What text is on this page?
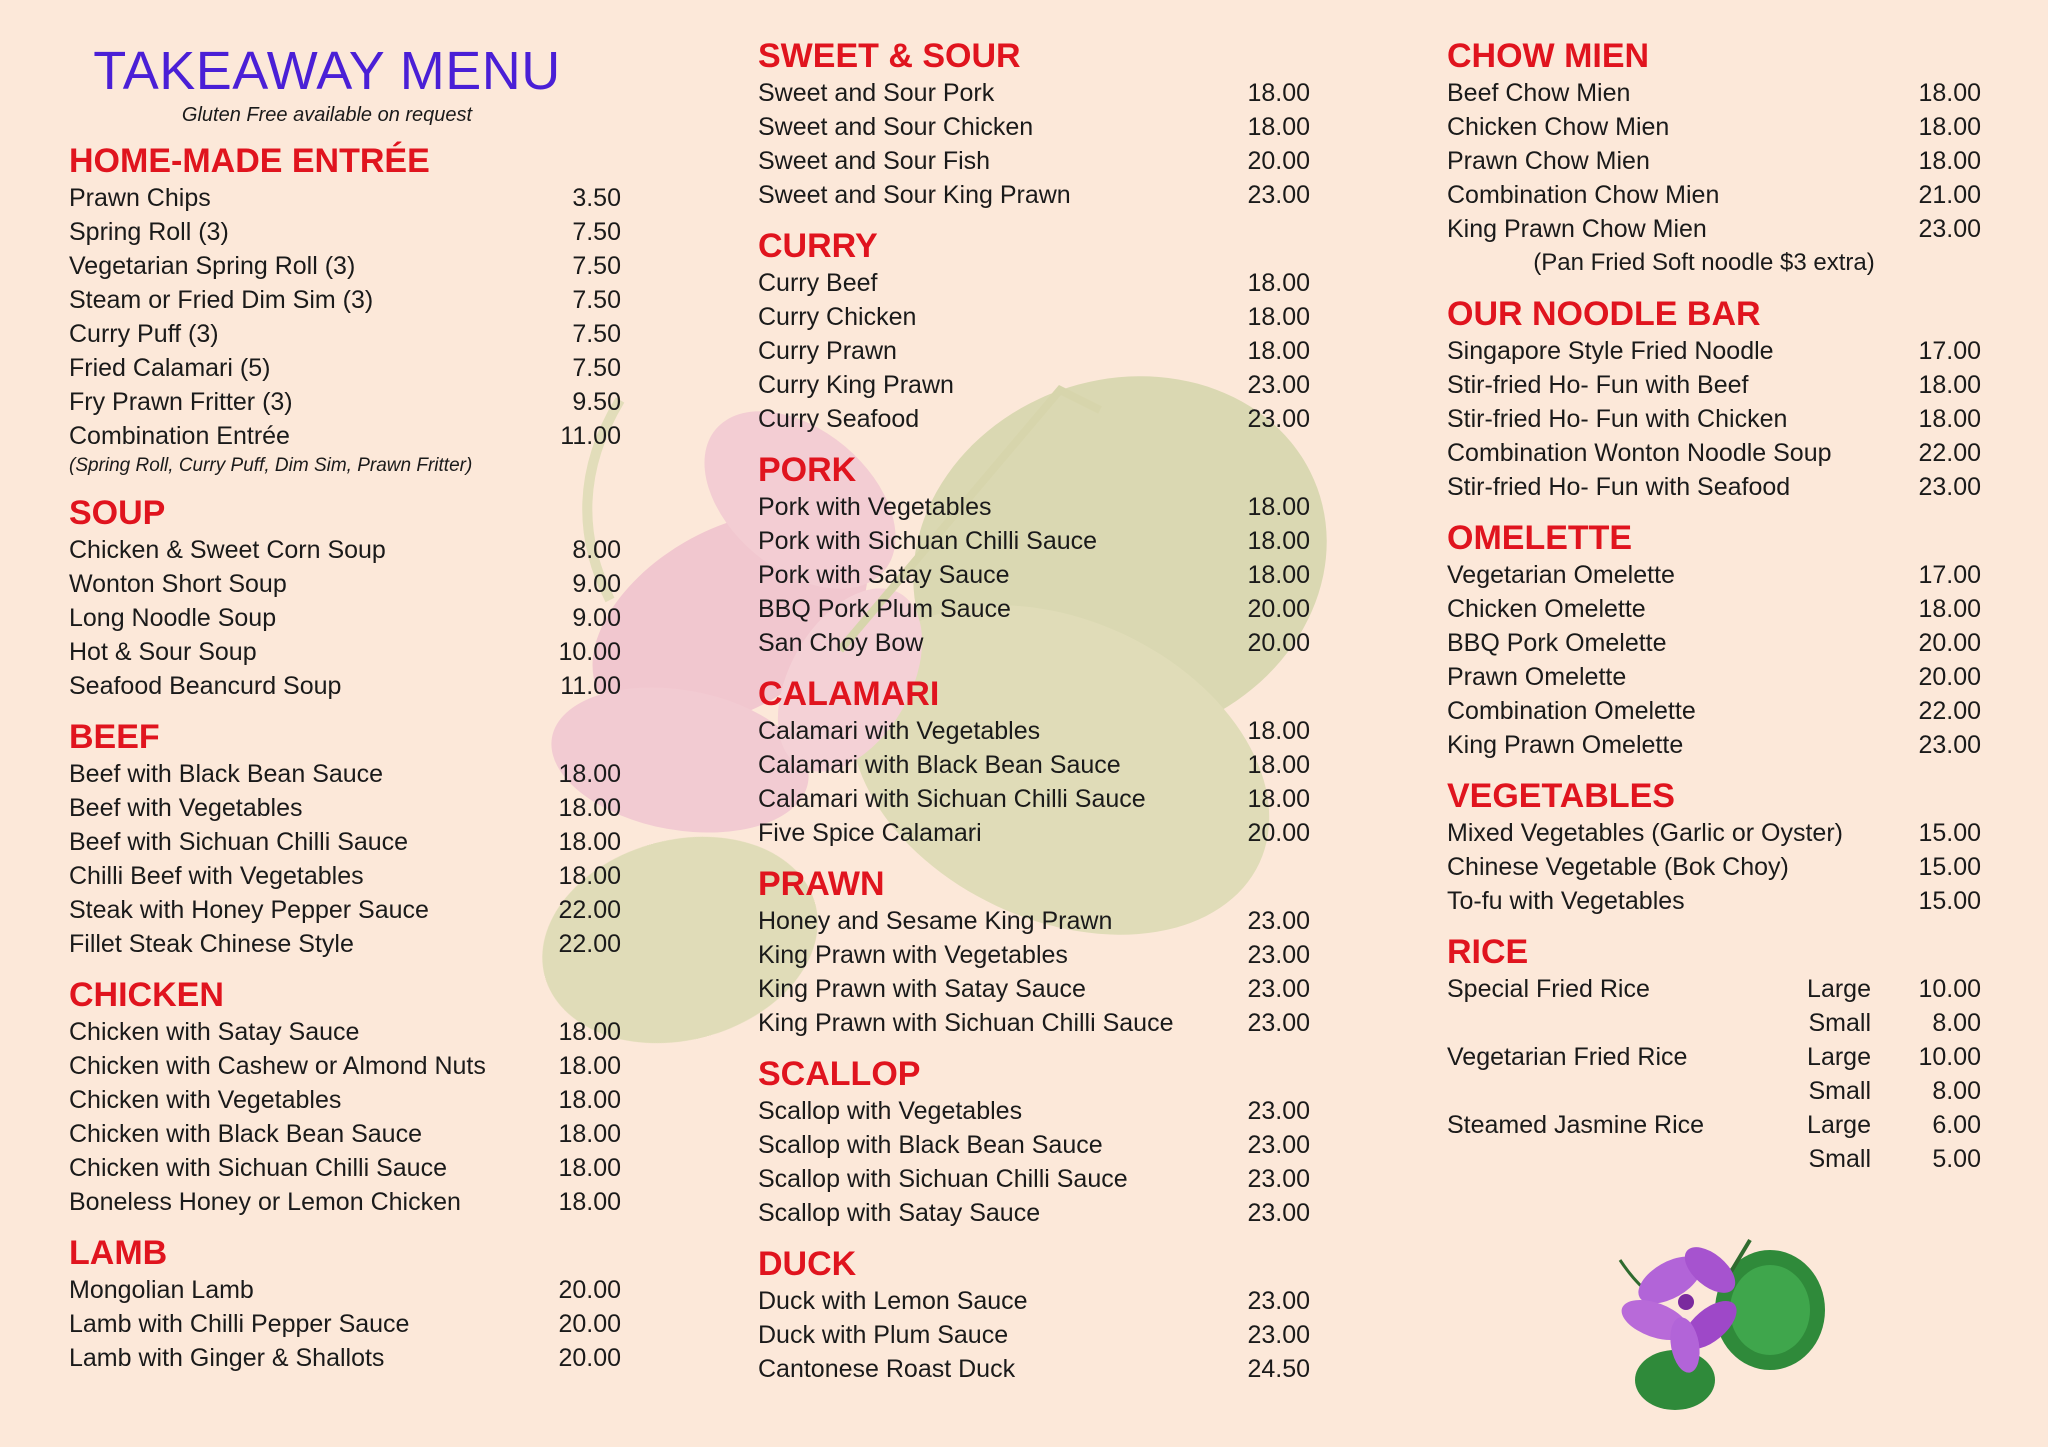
TAKEAWAY MENU
Gluten Free available on request
HOME-MADE ENTRÉE
Prawn Chips	3.50
Spring Roll (3)	7.50
Vegetarian Spring Roll (3)	7.50
Steam or Fried Dim Sim (3)	7.50
Curry Puff (3)	7.50
Fried Calamari (5)	7.50
Fry Prawn Fritter (3)	9.50
Combination Entrée	11.00
(Spring Roll, Curry Puff, Dim Sim, Prawn Fritter)
SOUP
Chicken & Sweet Corn Soup	8.00
Wonton Short Soup	9.00
Long Noodle Soup	9.00
Hot & Sour Soup	10.00
Seafood Beancurd Soup	11.00
BEEF
Beef with Black Bean Sauce	18.00
Beef with Vegetables	18.00
Beef with Sichuan Chilli Sauce	18.00
Chilli Beef with Vegetables	18.00
Steak with Honey Pepper Sauce	22.00
Fillet Steak Chinese Style	22.00
CHICKEN
Chicken with Satay Sauce	18.00
Chicken with Cashew or Almond Nuts	18.00
Chicken with Vegetables	18.00
Chicken with Black Bean Sauce	18.00
Chicken with Sichuan Chilli Sauce	18.00
Boneless Honey or Lemon Chicken	18.00
LAMB
Mongolian Lamb	20.00
Lamb with Chilli Pepper Sauce	20.00
Lamb with Ginger & Shallots	20.00
SWEET & SOUR
Sweet and Sour Pork	18.00
Sweet and Sour Chicken	18.00
Sweet and Sour Fish	20.00
Sweet and Sour King Prawn	23.00
CURRY
Curry Beef	18.00
Curry Chicken	18.00
Curry Prawn	18.00
Curry King Prawn	23.00
Curry Seafood	23.00
PORK
Pork with Vegetables	18.00
Pork with Sichuan Chilli Sauce	18.00
Pork with Satay Sauce	18.00
BBQ Pork Plum Sauce	20.00
San Choy Bow	20.00
CALAMARI
Calamari with Vegetables	18.00
Calamari with Black Bean Sauce	18.00
Calamari with Sichuan Chilli Sauce	18.00
Five Spice Calamari	20.00
PRAWN
Honey and Sesame King Prawn	23.00
King Prawn with Vegetables	23.00
King Prawn with Satay Sauce	23.00
King Prawn with Sichuan Chilli Sauce	23.00
SCALLOP
Scallop with Vegetables	23.00
Scallop with Black Bean Sauce	23.00
Scallop with Sichuan Chilli Sauce	23.00
Scallop with Satay Sauce	23.00
DUCK
Duck with Lemon Sauce	23.00
Duck with Plum Sauce	23.00
Cantonese Roast Duck	24.50
CHOW MIEN
Beef Chow Mien	18.00
Chicken Chow Mien	18.00
Prawn Chow Mien	18.00
Combination Chow Mien	21.00
King Prawn Chow Mien	23.00
(Pan Fried Soft noodle $3 extra)
OUR NOODLE BAR
Singapore Style Fried Noodle	17.00
Stir-fried Ho- Fun with Beef	18.00
Stir-fried Ho- Fun with Chicken	18.00
Combination Wonton Noodle Soup	22.00
Stir-fried Ho- Fun with Seafood	23.00
OMELETTE
Vegetarian Omelette	17.00
Chicken Omelette	18.00
BBQ Pork Omelette	20.00
Prawn Omelette	20.00
Combination Omelette	22.00
King Prawn Omelette	23.00
VEGETABLES
Mixed Vegetables (Garlic or Oyster)	15.00
Chinese Vegetable (Bok Choy)	15.00
To-fu with Vegetables	15.00
RICE
Special Fried Rice	Large	10.00
Small	8.00
Vegetarian Fried Rice	Large	10.00
Small	8.00
Steamed Jasmine Rice	Large	6.00
Small	5.00
